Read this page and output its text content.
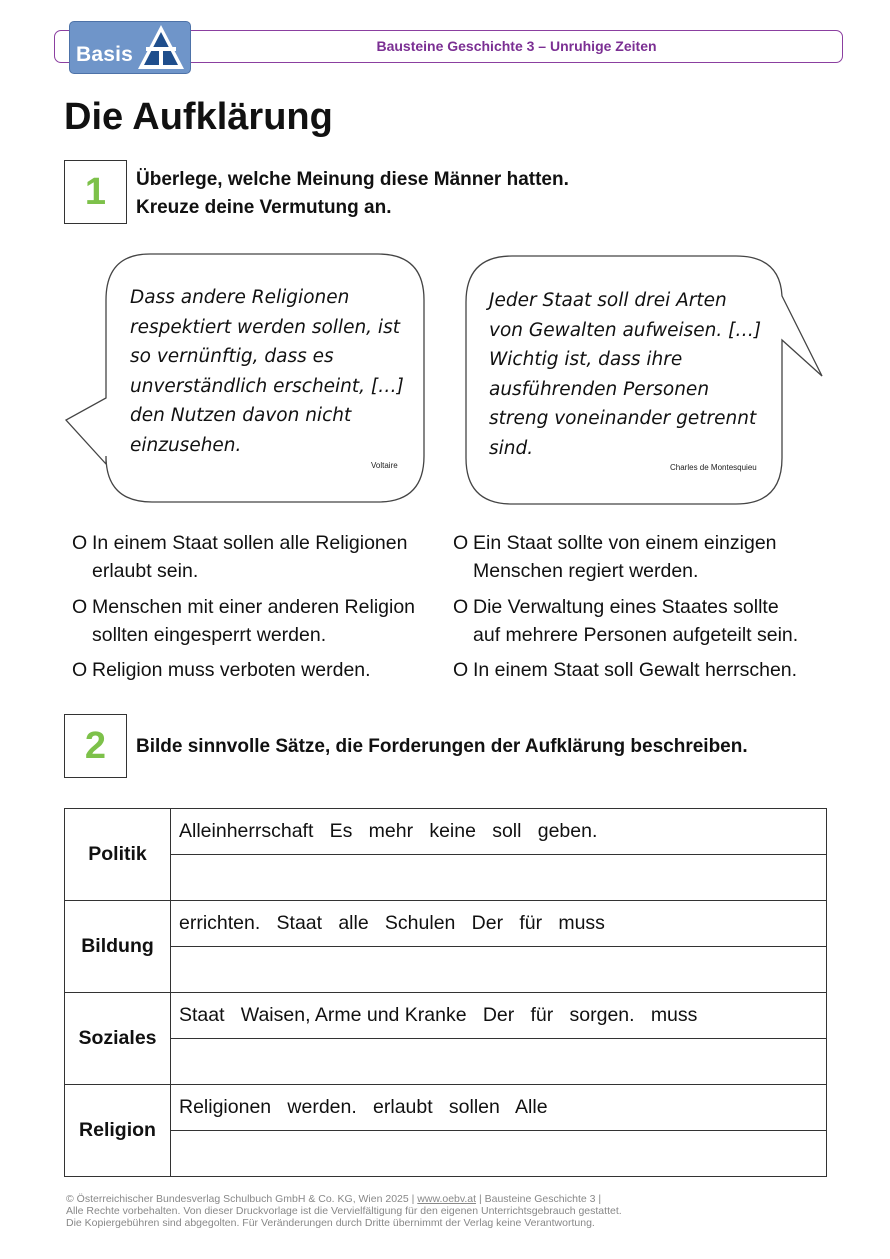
Bausteine Geschichte 3 – Unruhige Zeiten
Basis
Die Aufklärung
1	Überlege, welche Meinung diese Männer hatten.
Kreuze deine Vermutung an.
Dass andere Religionen
respektiert werden sollen, ist
so vernünftig, dass es
unverständlich erscheint, […]
den Nutzen davon nicht
einzusehen.
Voltaire
Jeder Staat soll drei Arten
von Gewalten aufweisen. […]
Wichtig ist, dass ihre
ausführenden Personen
streng voneinander getrennt
sind.
Charles de Montesquieu
O In einem Staat sollen alle Religionen
erlaubt sein.
O Menschen mit einer anderen Religion
sollten eingesperrt werden.
O Religion muss verboten werden.
O Ein Staat sollte von einem einzigen
Menschen regiert werden.
O Die Verwaltung eines Staates sollte
auf mehrere Personen aufgeteilt sein.
O In einem Staat soll Gewalt herrschen.
2	Bilde sinnvolle Sätze, die Forderungen der Aufklärung beschreiben.
Politik	Alleinherrschaft   Es   mehr   keine   soll   geben.

Bildung	errichten.   Staat   alle   Schulen   Der   für   muss

Soziales	Staat   Waisen, Arme und Kranke   Der   für   sorgen.   muss

Religion	Religionen   werden.   erlaubt   sollen   Alle

© Österreichischer Bundesverlag Schulbuch GmbH & Co. KG, Wien 2025 | www.oebv.at | Bausteine Geschichte 3 |
Alle Rechte vorbehalten. Von dieser Druckvorlage ist die Vervielfältigung für den eigenen Unterrichtsgebrauch gestattet.
Die Kopiergebühren sind abgegolten. Für Veränderungen durch Dritte übernimmt der Verlag keine Verantwortung.
